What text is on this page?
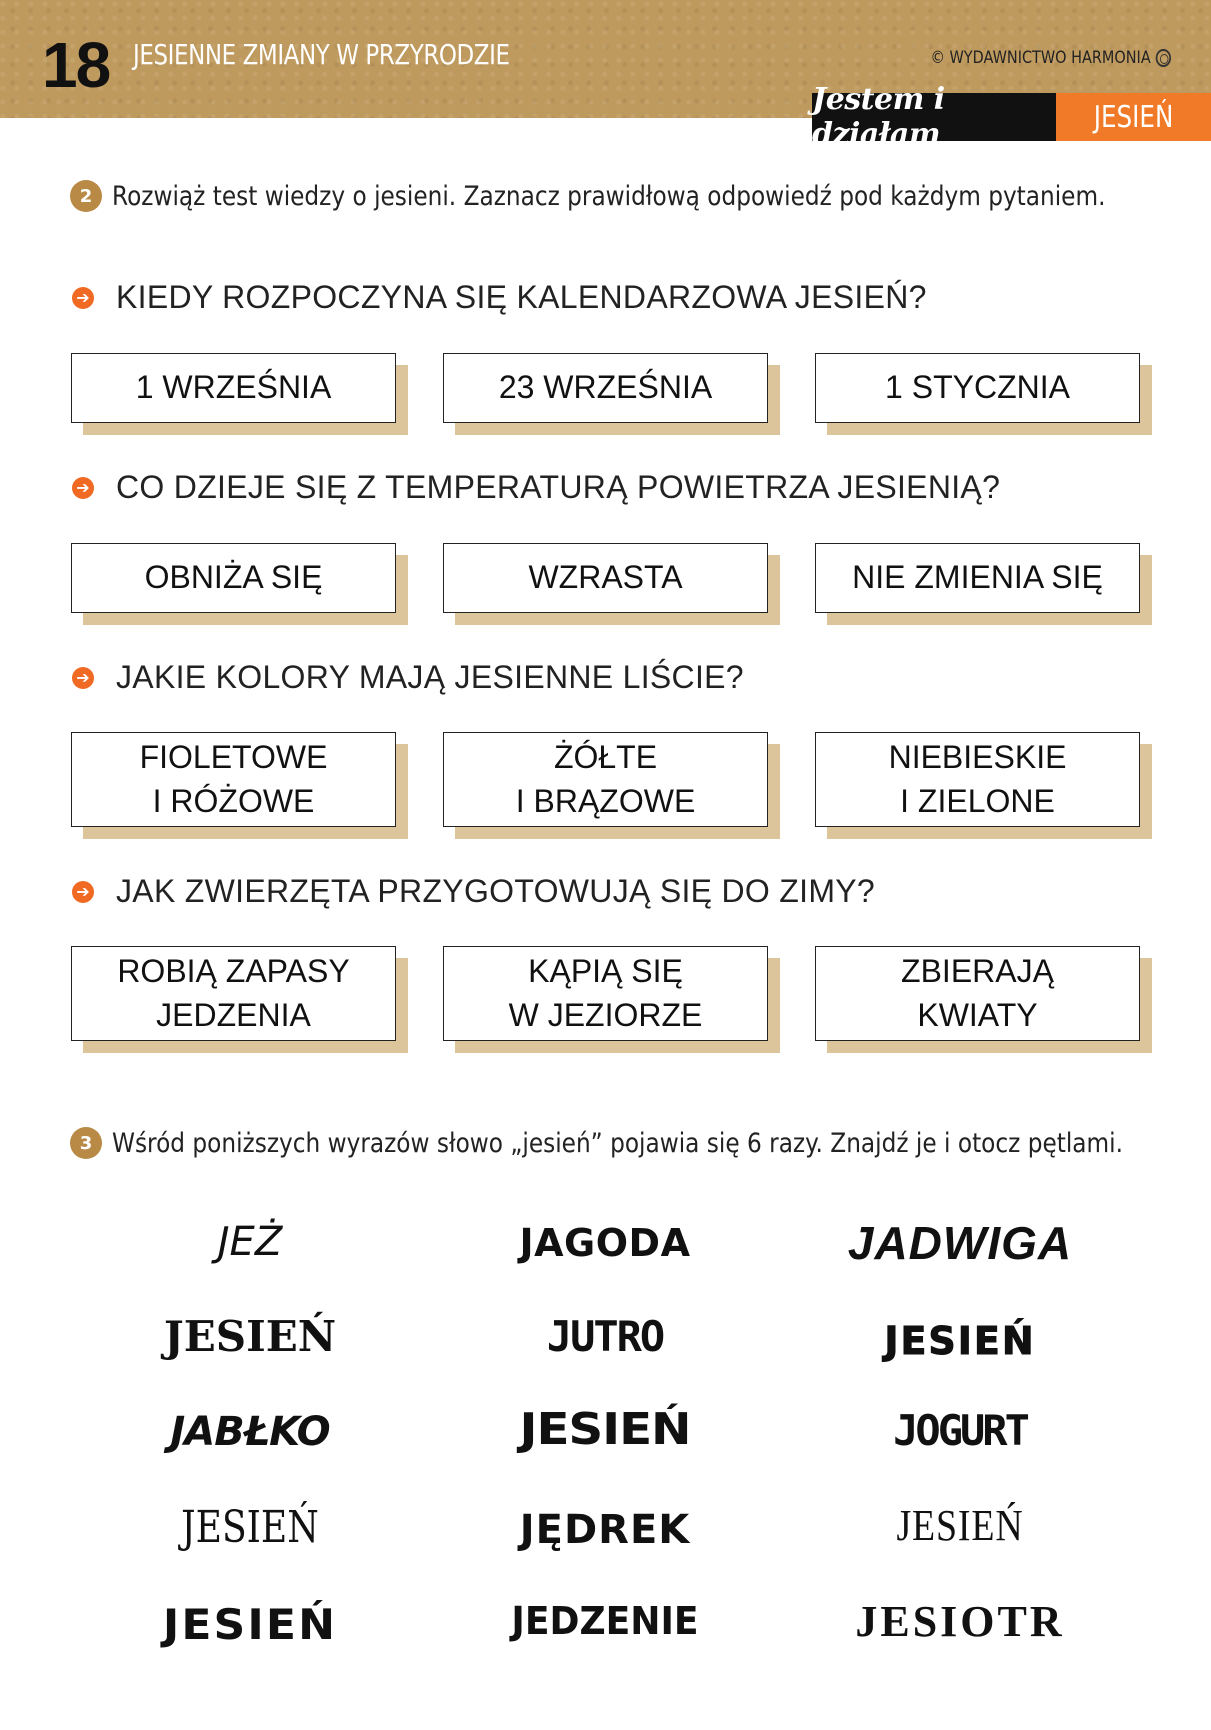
18 JESIENNE ZMIANY W PRZYRODZIE	© WYDAWNICTWO HARMONIA
Jestem i działam	JESIEŃ
2 Rozwiąż test wiedzy o jesieni. Zaznacz prawidłową odpowiedź pod każdym pytaniem.
➔ KIEDY ROZPOCZYNA SIĘ KALENDARZOWA JESIEŃ?
1 WRZEŚNIA	23 WRZEŚNIA	1 STYCZNIA
➔ CO DZIEJE SIĘ Z TEMPERATURĄ POWIETRZA JESIENIĄ?
OBNIŻA SIĘ	WZRASTA	NIE ZMIENIA SIĘ
➔ JAKIE KOLORY MAJĄ JESIENNE LIŚCIE?
FIOLETOWE
I RÓŻOWE
ŻÓŁTE
I BRĄZOWE
NIEBIESKIE
I ZIELONE
➔ JAK ZWIERZĘTA PRZYGOTOWUJĄ SIĘ DO ZIMY?
ROBIĄ ZAPASY
JEDZENIA
KĄPIĄ SIĘ
W JEZIORZE
ZBIERAJĄ
KWIATY
3 Wśród poniższych wyrazów słowo „jesień” pojawia się 6 razy. Znajdź je i otocz pętlami.
JEŻ	JAGODA	JADWIGA
JESIEŃ	JUTRO	JESIEŃ
JABŁKO	JESIEŃ	JOGURT
JESIEŃ	JĘDREK	JESIEŃ
JESIEŃ	JEDZENIE	JESIOTR
